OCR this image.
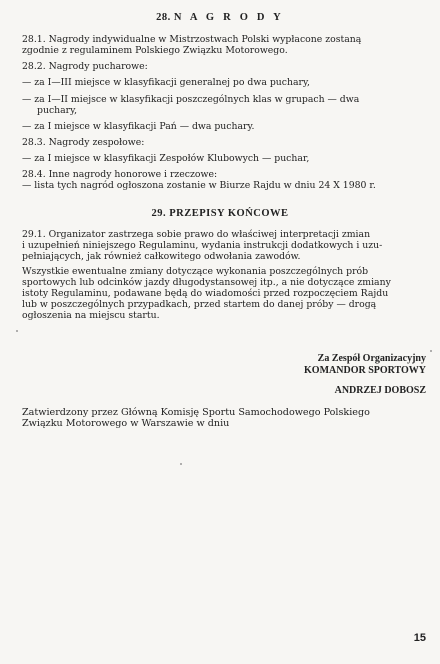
28. N A G R O D Y
28.1. Nagrody indywidualne w Mistrzostwach Polski wypłacone zostaną
zgodnie z regulaminem Polskiego Związku Motorowego.
28.2. Nagrody pucharowe:
— za I—III miejsce w klasyfikacji generalnej po dwa puchary,
— za I—II miejsce w klasyfikacji poszczególnych klas w grupach — dwa
puchary,
— za I miejsce w klasyfikacji Pań — dwa puchary.
28.3. Nagrody zespołowe:
— za I miejsce w klasyfikacji Zespołów Klubowych — puchar,
28.4. Inne nagrody honorowe i rzeczowe:
— lista tych nagród ogłoszona zostanie w Biurze Rajdu w dniu 24 X 1980 r.
29. PRZEPISY KOŃCOWE
29.1. Organizator zastrzega sobie prawo do właściwej interpretacji zmian
i uzupełnień niniejszego Regulaminu, wydania instrukcji dodatkowych i uzu-
pełniających, jak również całkowitego odwołania zawodów.
Wszystkie ewentualne zmiany dotyczące wykonania poszczególnych prób
sportowych lub odcinków jazdy długodystansowej itp., a nie dotyczące zmiany
istoty Regulaminu, podawane będą do wiadomości przed rozpoczęciem Rajdu
lub w poszczególnych przypadkach, przed startem do danej próby — drogą
ogłoszenia na miejscu startu.
Za Zespół Organizacyjny
KOMANDOR SPORTOWY
ANDRZEJ DOBOSZ
Zatwierdzony przez Główną Komisję Sportu Samochodowego Polskiego
Związku Motorowego w Warszawie w dniu
15
